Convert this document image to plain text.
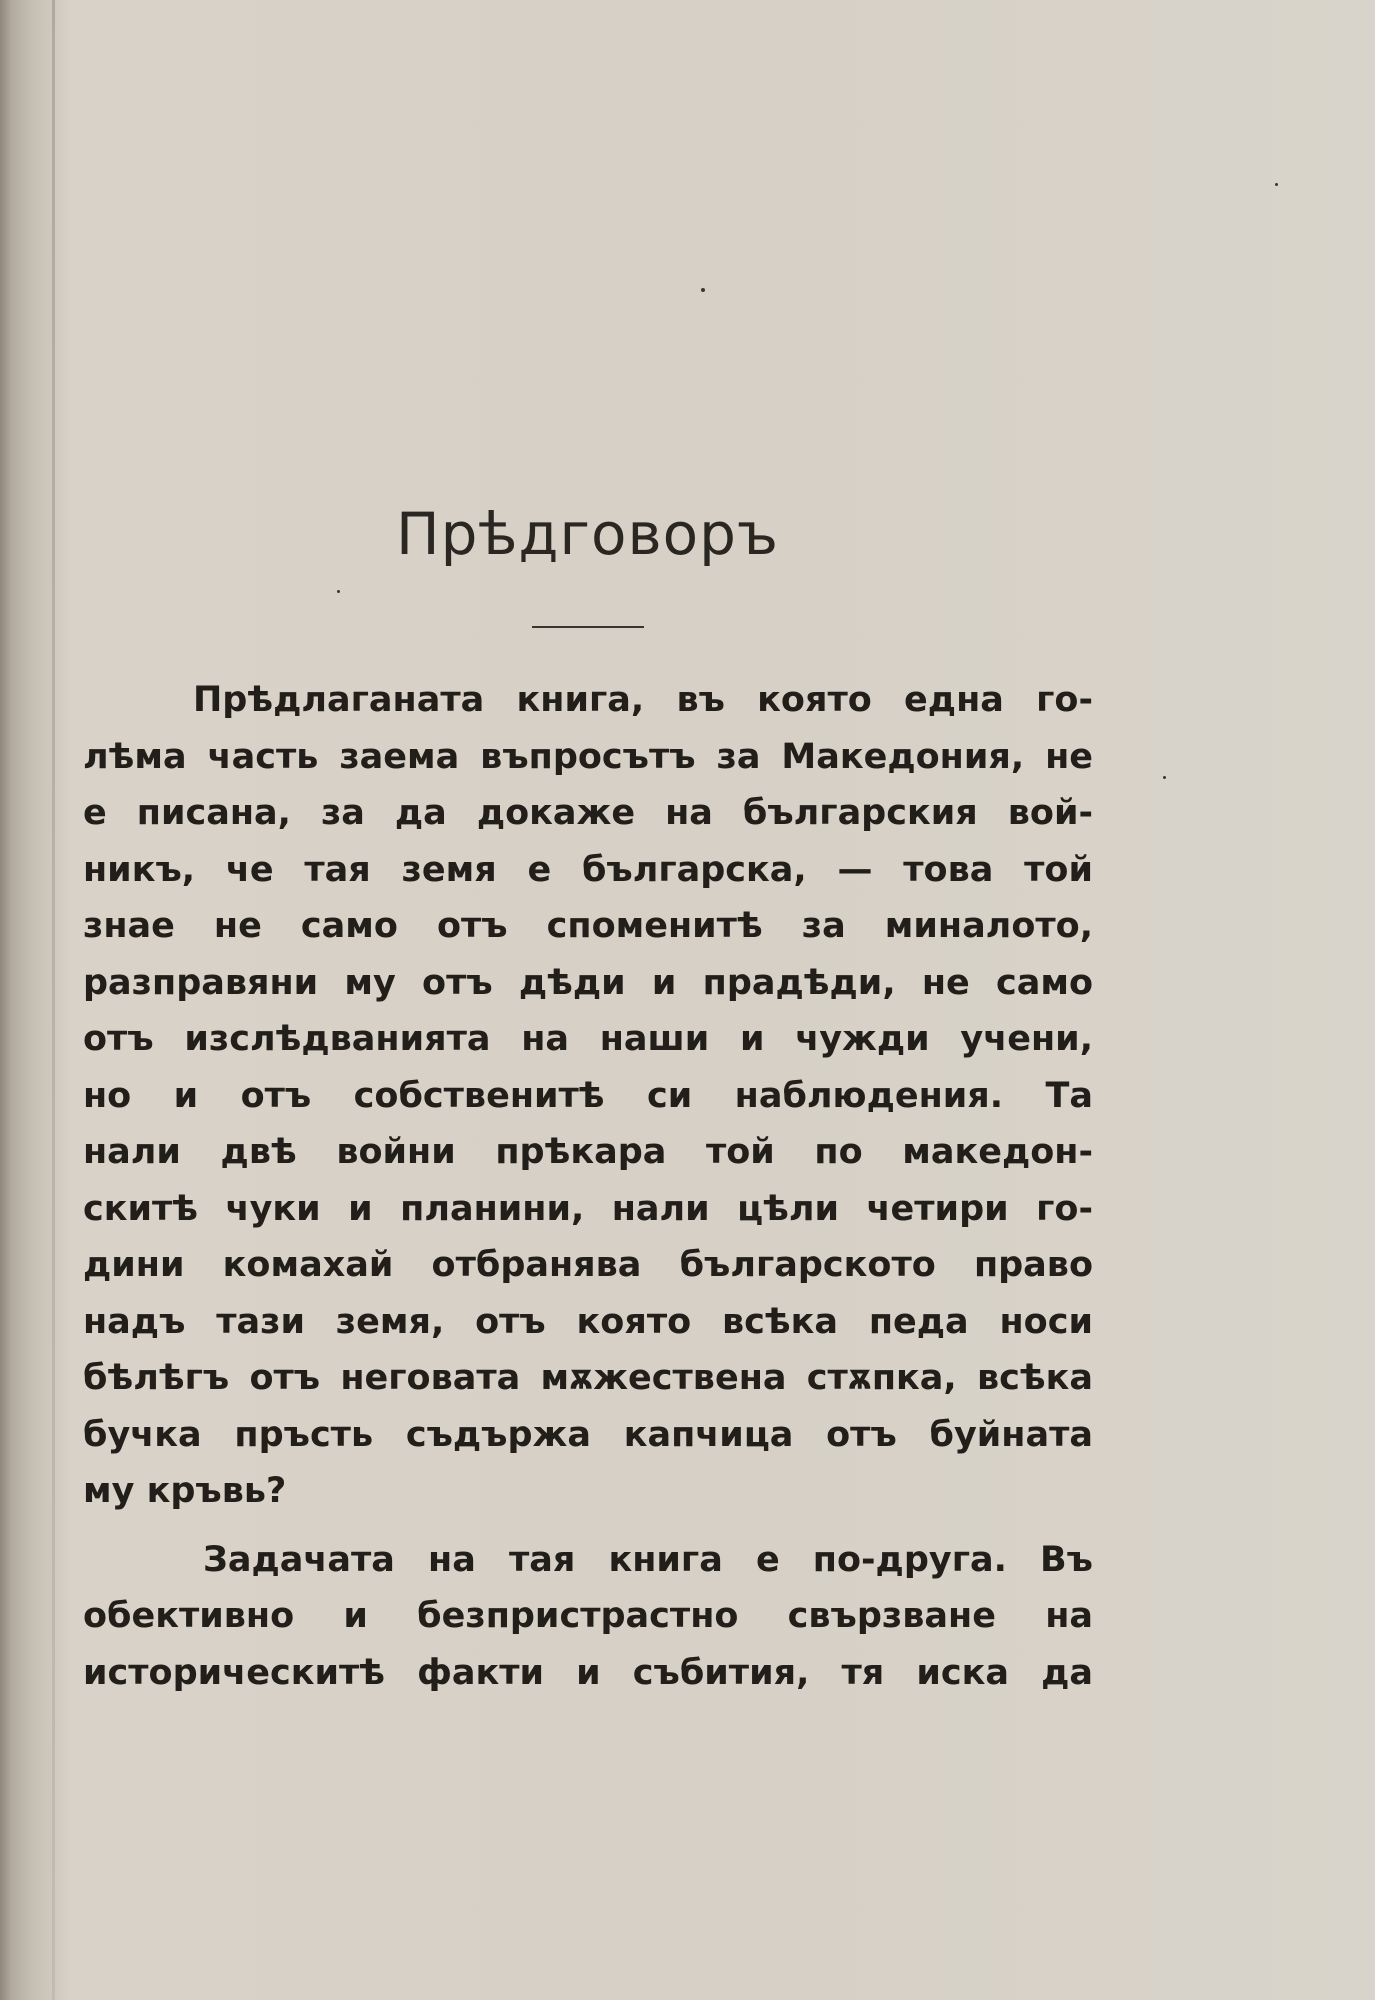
Прѣдговоръ
Прѣдлаганата книга, въ която една го-
лѣма часть заема въпросътъ за Македония, не
е писана, за да докаже на българския вой-
никъ, че тая земя е българска, — това той
знае не само отъ споменитѣ за миналото,
разправяни му отъ дѣди и прадѣди, не само
отъ изслѣдванията на наши и чужди учени,
но и отъ собственитѣ си наблюдения. Та
нали двѣ войни прѣкара той по македон-
скитѣ чуки и планини, нали цѣли четири го-
дини комахай отбранява българското право
надъ тази земя, отъ която всѣка педа носи
бѣлѣгъ отъ неговата мѫжествена стѫпка, всѣка
бучка пръсть съдържа капчица отъ буйната
му кръвь?
Задачата на тая книга е по-друга. Въ
обективно и безпристрастно свързване на
историческитѣ факти и събития, тя иска да
